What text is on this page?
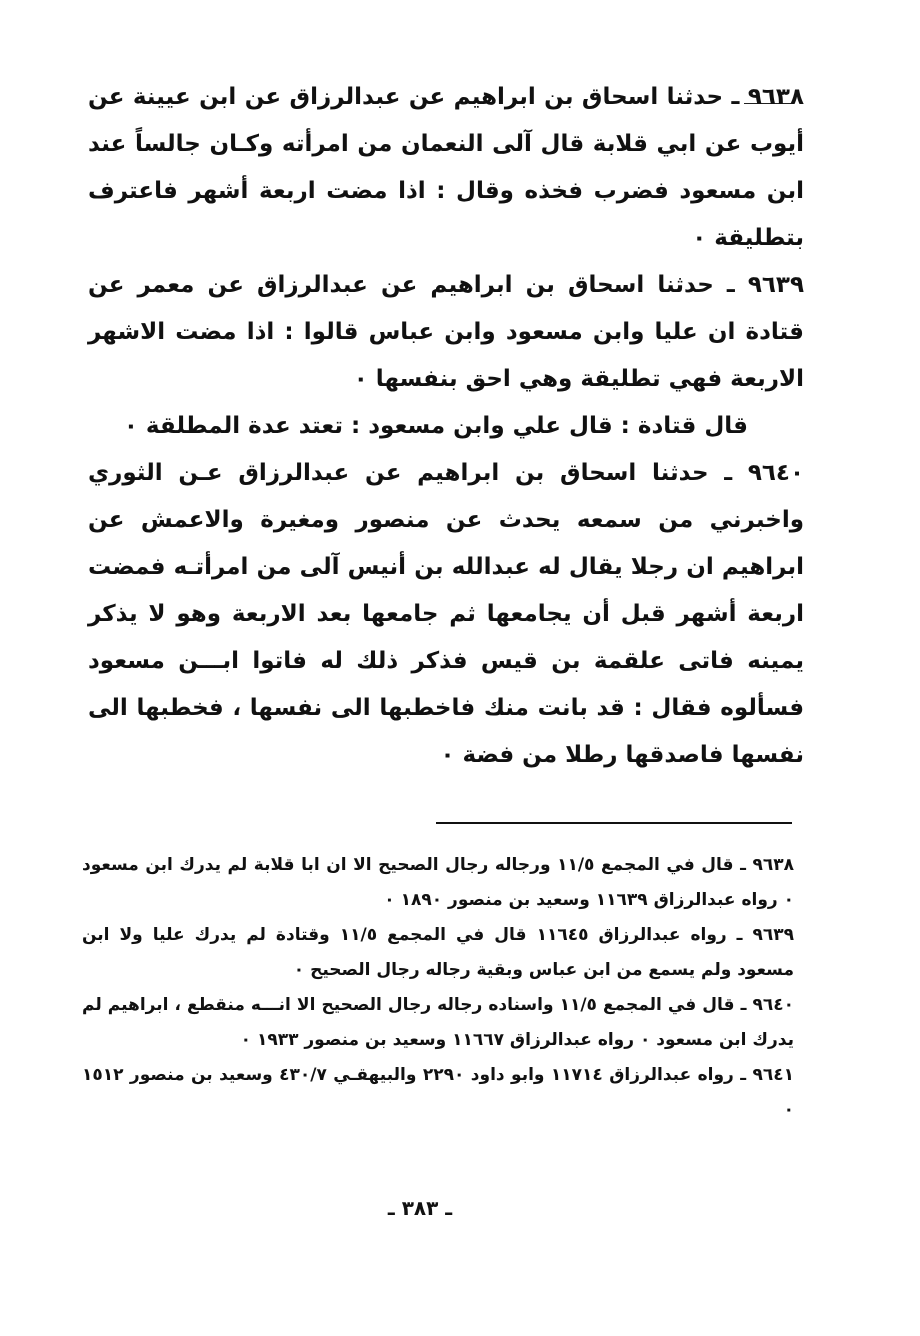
٩٦٣٨ ـ حدثنا اسحاق بن ابراهيم عن عبدالرزاق عن ابن عيينة عن أيوب عن ابي قلابة قال آلى النعمان من امرأته وكـان جالساً عند ابن مسعود فضرب فخذه وقال : اذا مضت اربعة أشهر فاعترف بتطليقة ٠

٩٦٣٩ ـ حدثنا اسحاق بن ابراهيم عن عبدالرزاق عن معمر عن قتادة ان عليا وابن مسعود وابن عباس قالوا : اذا مضت الاشهر الاربعة فهي تطليقة وهي احق بنفسها ٠

قال قتادة : قال علي وابن مسعود : تعتد عدة المطلقة ٠

٩٦٤٠ ـ حدثنا اسحاق بن ابراهيم عن عبدالرزاق عـن الثوري واخبرني من سمعه يحدث عن منصور ومغيرة والاعمش عن ابراهيم ان رجلا يقال له عبدالله بن أنيس آلى من امرأتـه فمضت اربعة أشهر قبل أن يجامعها ثم جامعها بعد الاربعة وهو لا يذكر يمينه فاتى علقمة بن قيس فذكر ذلك له فاتوا ابـــن مسعود فسألوه فقال : قد بانت منك فاخطبها الى نفسها ، فخطبها الى نفسها فاصدقها رطلا من فضة ٠

٩٦٣٨ ـ قال في المجمع ١١/٥ ورجاله رجال الصحيح الا ان ابا قلابة لم يدرك ابن مسعود ٠ رواه عبدالرزاق ١١٦٣٩ وسعيد بن منصور ١٨٩٠ ٠

٩٦٣٩ ـ رواه عبدالرزاق ١١٦٤٥ قال في المجمع ١١/٥ وقتادة لم يدرك عليا ولا ابن مسعود ولم يسمع من ابن عباس وبقية رجاله رجال الصحيح ٠

٩٦٤٠ ـ قال في المجمع ١١/٥ واسناده رجاله رجال الصحيح الا انـــه منقطع ، ابراهيم لم يدرك ابن مسعود ٠ رواه عبدالرزاق ١١٦٦٧ وسعيد بن منصور ١٩٣٣ ٠

٩٦٤١ ـ رواه عبدالرزاق ١١٧١٤ وابو داود ٢٢٩٠ والبيهقـي ٤٣٠/٧ وسعيد بن منصور ١٥١٢ ٠

ـ ٣٨٣ ـ
